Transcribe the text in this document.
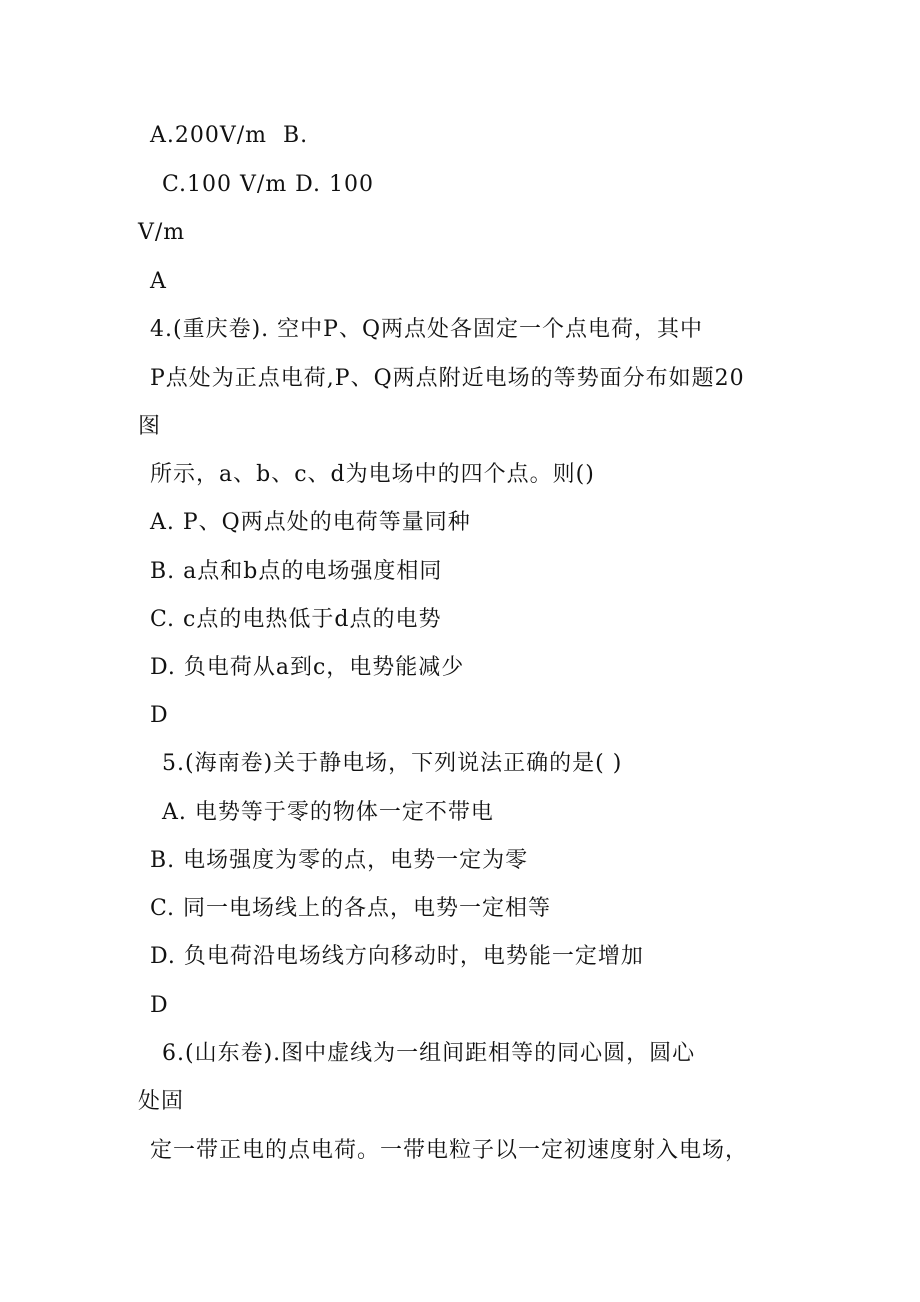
A.200V/m  B.
C.100 V/m D. 100
V/m
A
4.(重庆卷). 空中P、Q两点处各固定一个点电荷，其中
P点处为正点电荷,P、Q两点附近电场的等势面分布如题20
图
所示，a、b、c、d为电场中的四个点。则()
A. P、Q两点处的电荷等量同种
B. a点和b点的电场强度相同
C. c点的电热低于d点的电势
D. 负电荷从a到c，电势能减少
D
5.(海南卷)关于静电场，下列说法正确的是( )
A. 电势等于零的物体一定不带电
B. 电场强度为零的点，电势一定为零
C. 同一电场线上的各点，电势一定相等
D. 负电荷沿电场线方向移动时，电势能一定增加
D
6.(山东卷).图中虚线为一组间距相等的同心圆，圆心
处固
定一带正电的点电荷。一带电粒子以一定初速度射入电场，
